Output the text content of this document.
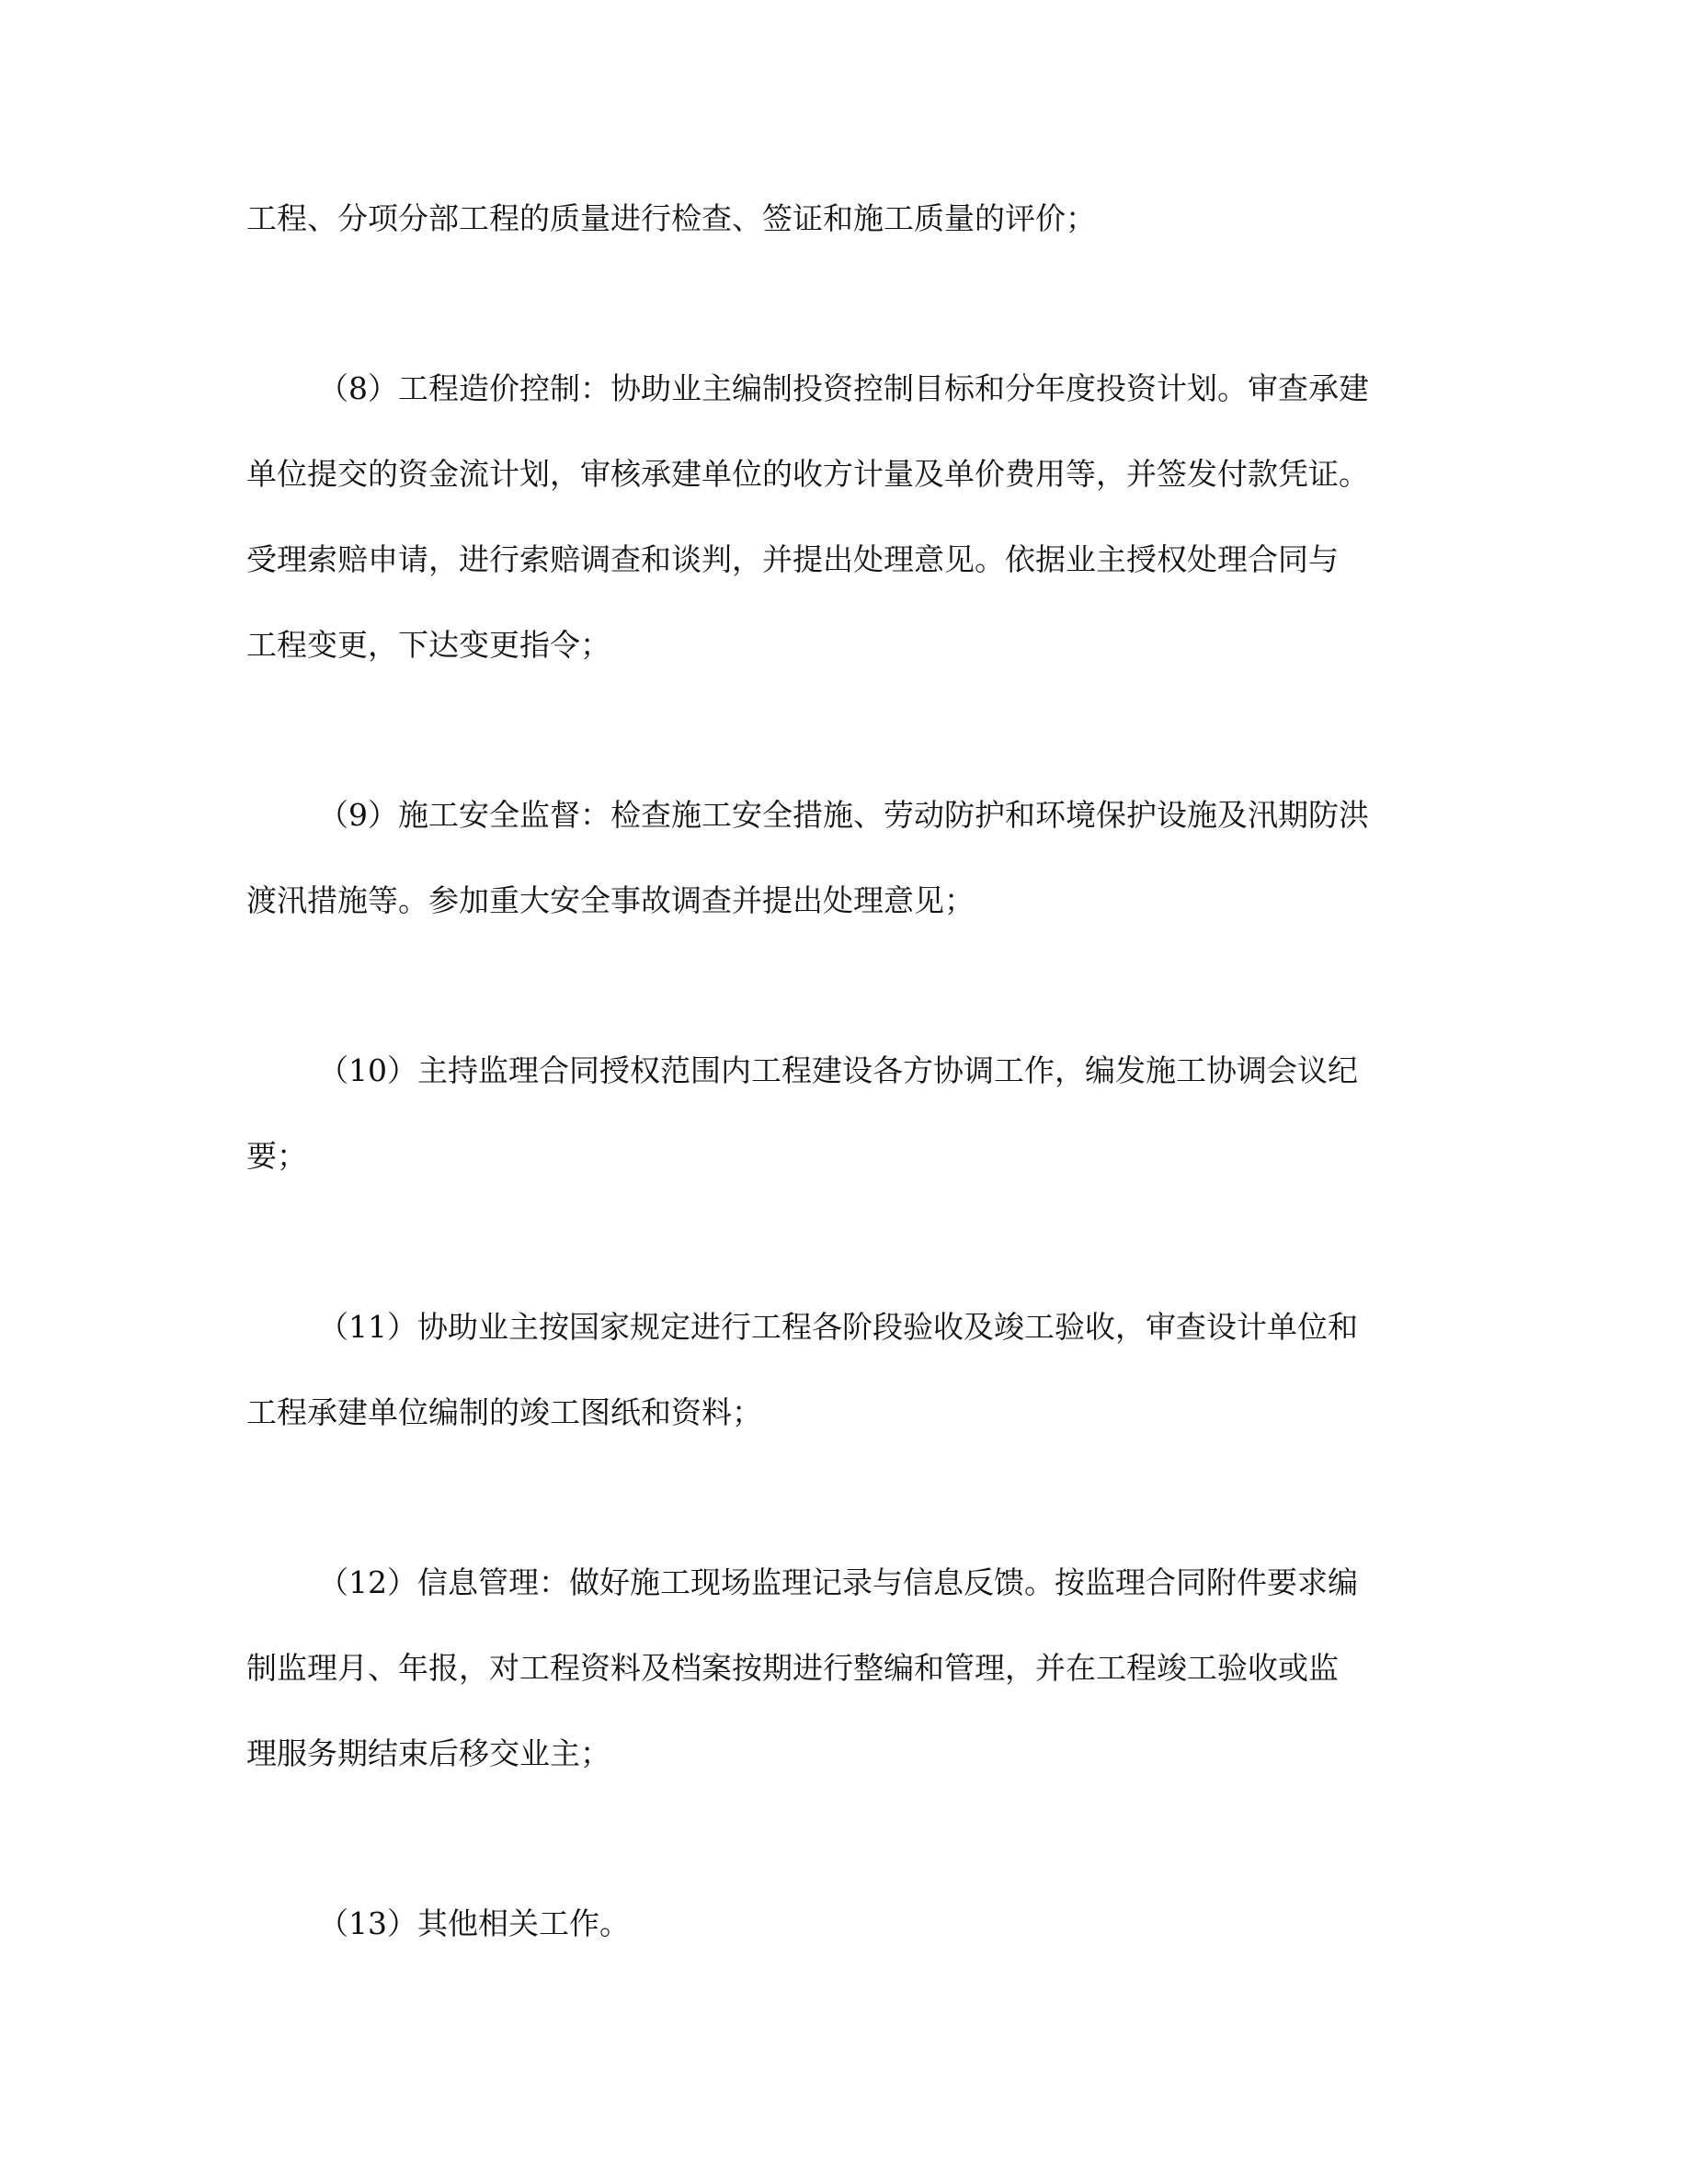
工程、分项分部工程的质量进行检查、签证和施工质量的评价；
（8）工程造价控制：协助业主编制投资控制目标和分年度投资计划。审查承建
单位提交的资金流计划，审核承建单位的收方计量及单价费用等，并签发付款凭证。
受理索赔申请，进行索赔调查和谈判，并提出处理意见。依据业主授权处理合同与
工程变更，下达变更指令；
（9）施工安全监督：检查施工安全措施、劳动防护和环境保护设施及汛期防洪
渡汛措施等。参加重大安全事故调查并提出处理意见；
（10）主持监理合同授权范围内工程建设各方协调工作，编发施工协调会议纪
要；
（11）协助业主按国家规定进行工程各阶段验收及竣工验收，审查设计单位和
工程承建单位编制的竣工图纸和资料；
（12）信息管理：做好施工现场监理记录与信息反馈。按监理合同附件要求编
制监理月、年报，对工程资料及档案按期进行整编和管理，并在工程竣工验收或监
理服务期结束后移交业主；
（13）其他相关工作。
